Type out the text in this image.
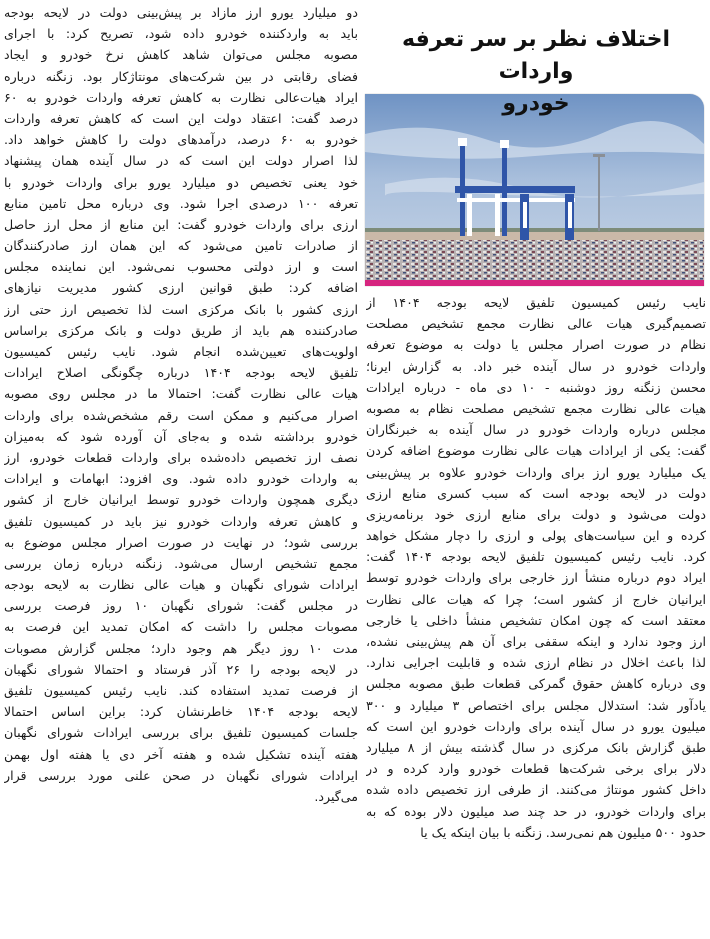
اختلاف نظر بر سر تعرفه واردات
خودرو
نایب رئیس کمیسیون تلفیق لایحه بودجه ۱۴۰۴ از
تصمیم‌گیری هیات عالی نظارت مجمع تشخیص مصلحت
نظام در صورت اصرار مجلس یا دولت به موضوع تعرفه
واردات خودرو در سال آینده خبر داد. به گزارش ایرنا؛
محسن زنگنه روز دوشنبه - ۱۰ دی ماه - درباره ایرادات
هیات عالی نظارت مجمع تشخیص مصلحت نظام به مصوبه
مجلس درباره واردات خودرو در سال آینده به خبرنگاران
گفت: یکی از ایرادات هیات عالی نظارت موضوع اضافه کردن
یک میلیارد یورو ارز برای واردات خودرو علاوه بر پیش‌بینی
دولت در لایحه بودجه است که سبب کسری منابع ارزی
دولت می‌شود و دولت برای منابع ارزی خود برنامه‌ریزی
کرده و این سیاست‌های پولی و ارزی را دچار مشکل خواهد
کرد. نایب رئیس کمیسیون تلفیق لایحه بودجه ۱۴۰۴ گفت:
ایراد دوم درباره منشأ ارز خارجی برای واردات خودرو توسط
ایرانیان خارج از کشور است؛ چرا که هیات عالی نظارت
معتقد است که چون امکان تشخیص منشأ داخلی یا خارجی
ارز وجود ندارد و اینکه سقفی برای آن هم پیش‌بینی نشده،
لذا باعث اخلال در نظام ارزی شده و قابلیت اجرایی ندارد.
وی درباره کاهش حقوق گمرکی قطعات طبق مصوبه مجلس
یادآور شد: استدلال مجلس برای اختصاص ۳ میلیارد و ۳۰۰
میلیون یورو در سال آینده برای واردات خودرو این است که
طبق گزارش بانک مرکزی در سال گذشته بیش از ۸ میلیارد
دلار برای برخی شرکت‌ها قطعات خودرو وارد کرده و در
داخل کشور مونتاژ می‌کنند. از طرفی ارز تخصیص داده شده
برای واردات خودرو، در حد چند صد میلیون دلار بوده که به
حدود ۵۰۰ میلیون هم نمی‌رسد. زنگنه با بیان اینکه یک یا
دو میلیارد یورو ارز مازاد بر پیش‌بینی دولت در لایحه بودجه
باید به واردکننده خودرو داده شود، تصریح کرد: با اجرای
مصوبه مجلس می‌توان شاهد کاهش نرخ خودرو و ایجاد
فضای رقابتی در بین شرکت‌های مونتاژکار بود. زنگنه درباره
ایراد هیات‌عالی نظارت به کاهش تعرفه واردات خودرو به ۶۰
درصد گفت: اعتقاد دولت این است که کاهش تعرفه واردات
خودرو به ۶۰ درصد، درآمدهای دولت را کاهش خواهد داد.
لذا اصرار دولت این است که در سال آینده همان پیشنهاد
خود یعنی تخصیص دو میلیارد یورو برای واردات خودرو با
تعرفه ۱۰۰ درصدی اجرا شود. وی درباره محل تامین منابع
ارزی برای واردات خودرو گفت: این منابع از محل ارز حاصل
از صادرات تامین می‌شود که این همان ارز صادرکنندگان
است و ارز دولتی محسوب نمی‌شود. این نماینده مجلس
اضافه کرد: طبق قوانین ارزی کشور مدیریت نیازهای
ارزی کشور با بانک مرکزی است لذا تخصیص ارز حتی ارز
صادرکننده هم باید از طریق دولت و بانک مرکزی براساس
اولویت‌های تعیین‌شده انجام شود. نایب رئیس کمیسیون
تلفیق لایحه بودجه ۱۴۰۴ درباره چگونگی اصلاح ایرادات
هیات عالی نظارت گفت: احتمالا ما در مجلس روی مصوبه
اصرار می‌کنیم و ممکن است رقم مشخص‌شده برای واردات
خودرو برداشته شده و به‌جای آن آورده شود که به‌میزان
نصف ارز تخصیص داده‌شده برای واردات قطعات خودرو، ارز
به واردات خودرو داده شود. وی افزود: ابهامات و ایرادات
دیگری همچون واردات خودرو توسط ایرانیان خارج از کشور
و کاهش تعرفه واردات خودرو نیز باید در کمیسیون تلفیق
بررسی شود؛ در نهایت در صورت اصرار مجلس موضوع به
مجمع تشخیص ارسال می‌شود. زنگنه درباره زمان بررسی
ایرادات شورای نگهبان و هیات عالی نظارت به لایحه بودجه
در مجلس گفت: شورای نگهبان ۱۰ روز فرصت بررسی
مصوبات مجلس را داشت که امکان تمدید این فرصت به
مدت ۱۰ روز دیگر هم وجود دارد؛ مجلس گزارش مصوبات
در لایحه بودجه را ۲۶ آذر فرستاد و احتمالا شورای نگهبان
از فرصت تمدید استفاده کند. نایب رئیس کمیسیون تلفیق
لایحه بودجه ۱۴۰۴ خاطرنشان کرد: براین اساس احتمالا
جلسات کمیسیون تلفیق برای بررسی ایرادات شورای نگهبان
هفته آینده تشکیل شده و هفته آخر دی یا هفته اول بهمن
ایرادات شورای نگهبان در صحن علنی مورد بررسی قرار
می‌گیرد.
